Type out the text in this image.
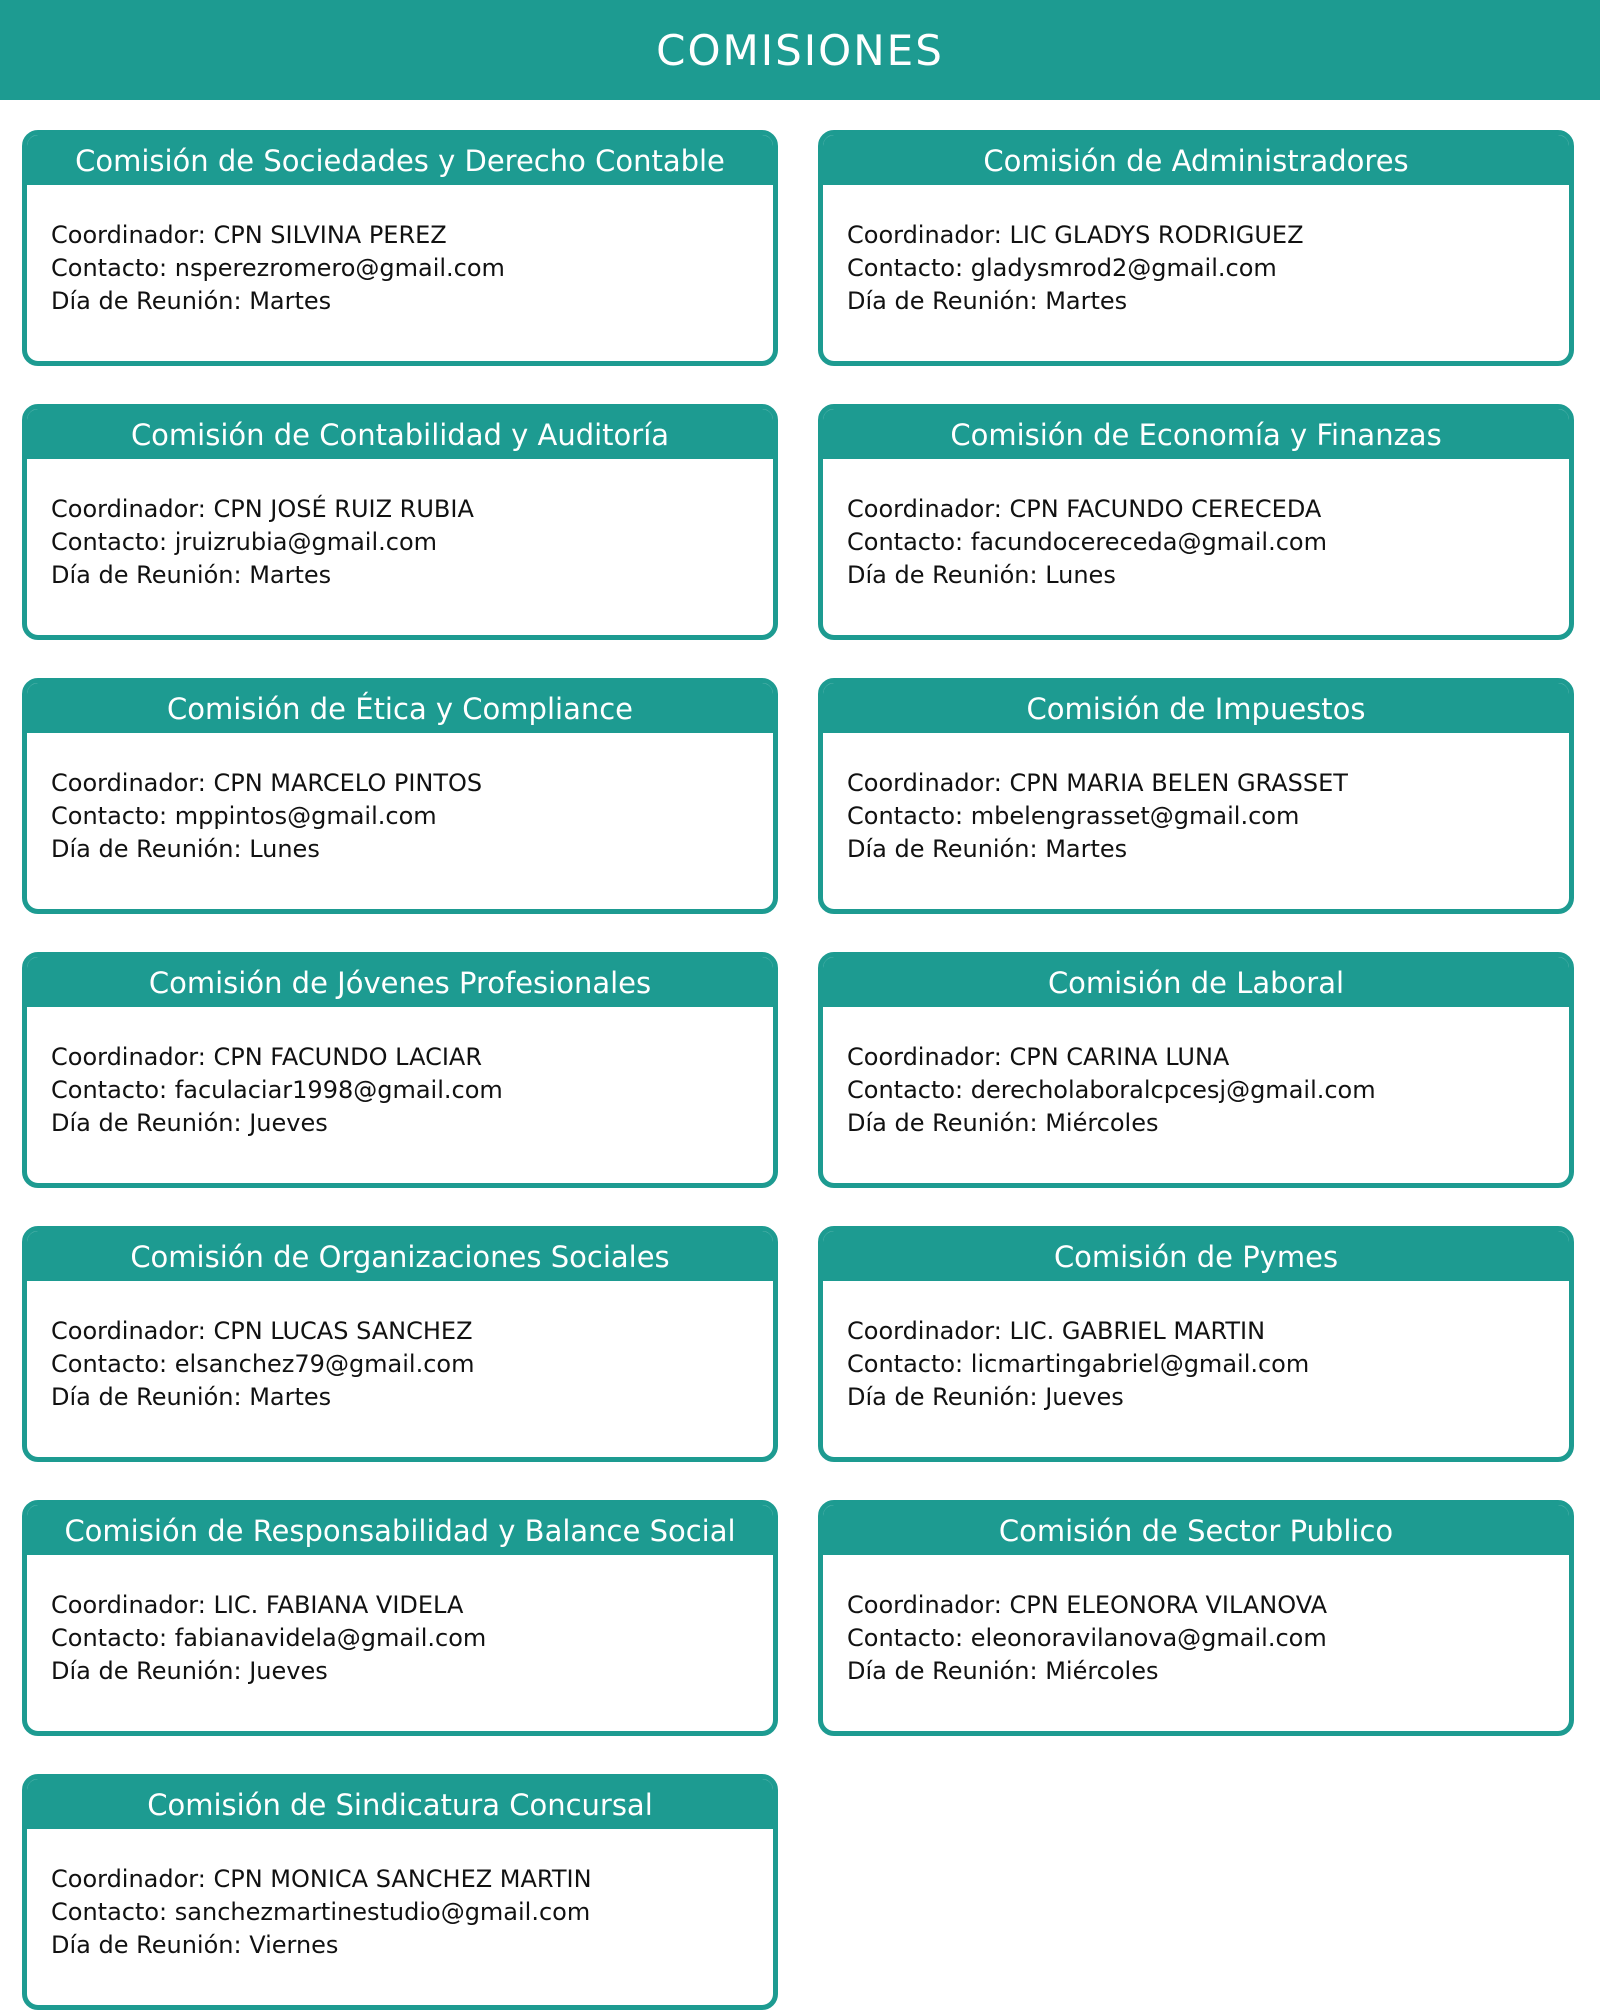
COMISIONES
Comisión de Sociedades y Derecho Contable
Coordinador: CPN SILVINA PEREZ
Contacto: nsperezromero@gmail.com
Día de Reunión: Martes
Comisión de Administradores
Coordinador: LIC GLADYS RODRIGUEZ
Contacto: gladysmrod2@gmail.com
Día de Reunión: Martes
Comisión de Contabilidad y Auditoría
Coordinador: CPN JOSÉ RUIZ RUBIA
Contacto: jruizrubia@gmail.com
Día de Reunión: Martes
Comisión de Economía y Finanzas
Coordinador: CPN FACUNDO CERECEDA
Contacto: facundocereceda@gmail.com
Día de Reunión: Lunes
Comisión de Ética y Compliance
Coordinador: CPN MARCELO PINTOS
Contacto: mppintos@gmail.com
Día de Reunión: Lunes
Comisión de Impuestos
Coordinador: CPN MARIA BELEN GRASSET
Contacto: mbelengrasset@gmail.com
Día de Reunión: Martes
Comisión de Jóvenes Profesionales
Coordinador: CPN FACUNDO LACIAR
Contacto: faculaciar1998@gmail.com
Día de Reunión: Jueves
Comisión de Laboral
Coordinador: CPN CARINA LUNA
Contacto: derecholaboralcpcesj@gmail.com
Día de Reunión: Miércoles
Comisión de Organizaciones Sociales
Coordinador: CPN LUCAS SANCHEZ
Contacto: elsanchez79@gmail.com
Día de Reunión: Martes
Comisión de Pymes
Coordinador: LIC. GABRIEL MARTIN
Contacto: licmartingabriel@gmail.com
Día de Reunión: Jueves
Comisión de Responsabilidad y Balance Social
Coordinador: LIC. FABIANA VIDELA
Contacto: fabianavidela@gmail.com
Día de Reunión: Jueves
Comisión de Sector Publico
Coordinador: CPN ELEONORA VILANOVA
Contacto: eleonoravilanova@gmail.com
Día de Reunión: Miércoles
Comisión de Sindicatura Concursal
Coordinador: CPN MONICA SANCHEZ MARTIN
Contacto: sanchezmartinestudio@gmail.com
Día de Reunión: Viernes
